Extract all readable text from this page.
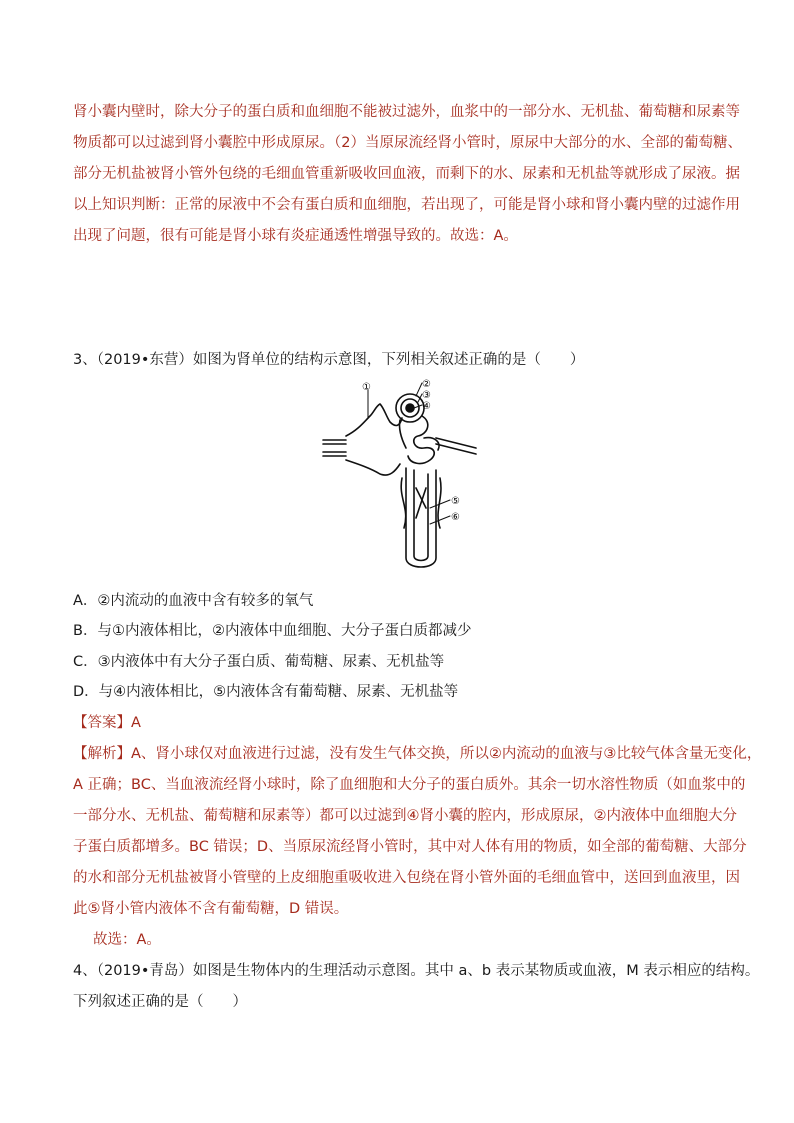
肾小囊内壁时，除大分子的蛋白质和血细胞不能被过滤外，血浆中的一部分水、无机盐、葡萄糖和尿素等
物质都可以过滤到肾小囊腔中形成原尿。（2）当原尿流经肾小管时，原尿中大部分的水、全部的葡萄糖、
部分无机盐被肾小管外包绕的毛细血管重新吸收回血液，而剩下的水、尿素和无机盐等就形成了尿液。据
以上知识判断：正常的尿液中不会有蛋白质和血细胞，若出现了，可能是肾小球和肾小囊内壁的过滤作用
出现了问题，很有可能是肾小球有炎症通透性增强导致的。故选：A。
3、（2019•东营）如图为肾单位的结构示意图，下列相关叙述正确的是（　　）
①	②
③
④
⑤
⑥
A．②内流动的血液中含有较多的氧气
B．与①内液体相比，②内液体中血细胞、大分子蛋白质都减少
C．③内液体中有大分子蛋白质、葡萄糖、尿素、无机盐等
D．与④内液体相比，⑤内液体含有葡萄糖、尿素、无机盐等
【答案】A
【解析】A、肾小球仅对血液进行过滤，没有发生气体交换，所以②内流动的血液与③比较气体含量无变化，
A 正确；BC、当血液流经肾小球时，除了血细胞和大分子的蛋白质外。其余一切水溶性物质（如血浆中的
一部分水、无机盐、葡萄糖和尿素等）都可以过滤到④肾小囊的腔内，形成原尿，②内液体中血细胞大分
子蛋白质都增多。BC 错误；D、当原尿流经肾小管时，其中对人体有用的物质，如全部的葡萄糖、大部分
的水和部分无机盐被肾小管壁的上皮细胞重吸收进入包绕在肾小管外面的毛细血管中，送回到血液里，因
此⑤肾小管内液体不含有葡萄糖，D 错误。
故选：A。
4、（2019•青岛）如图是生物体内的生理活动示意图。其中 a、b 表示某物质或血液，M 表示相应的结构。
下列叙述正确的是（　　）
